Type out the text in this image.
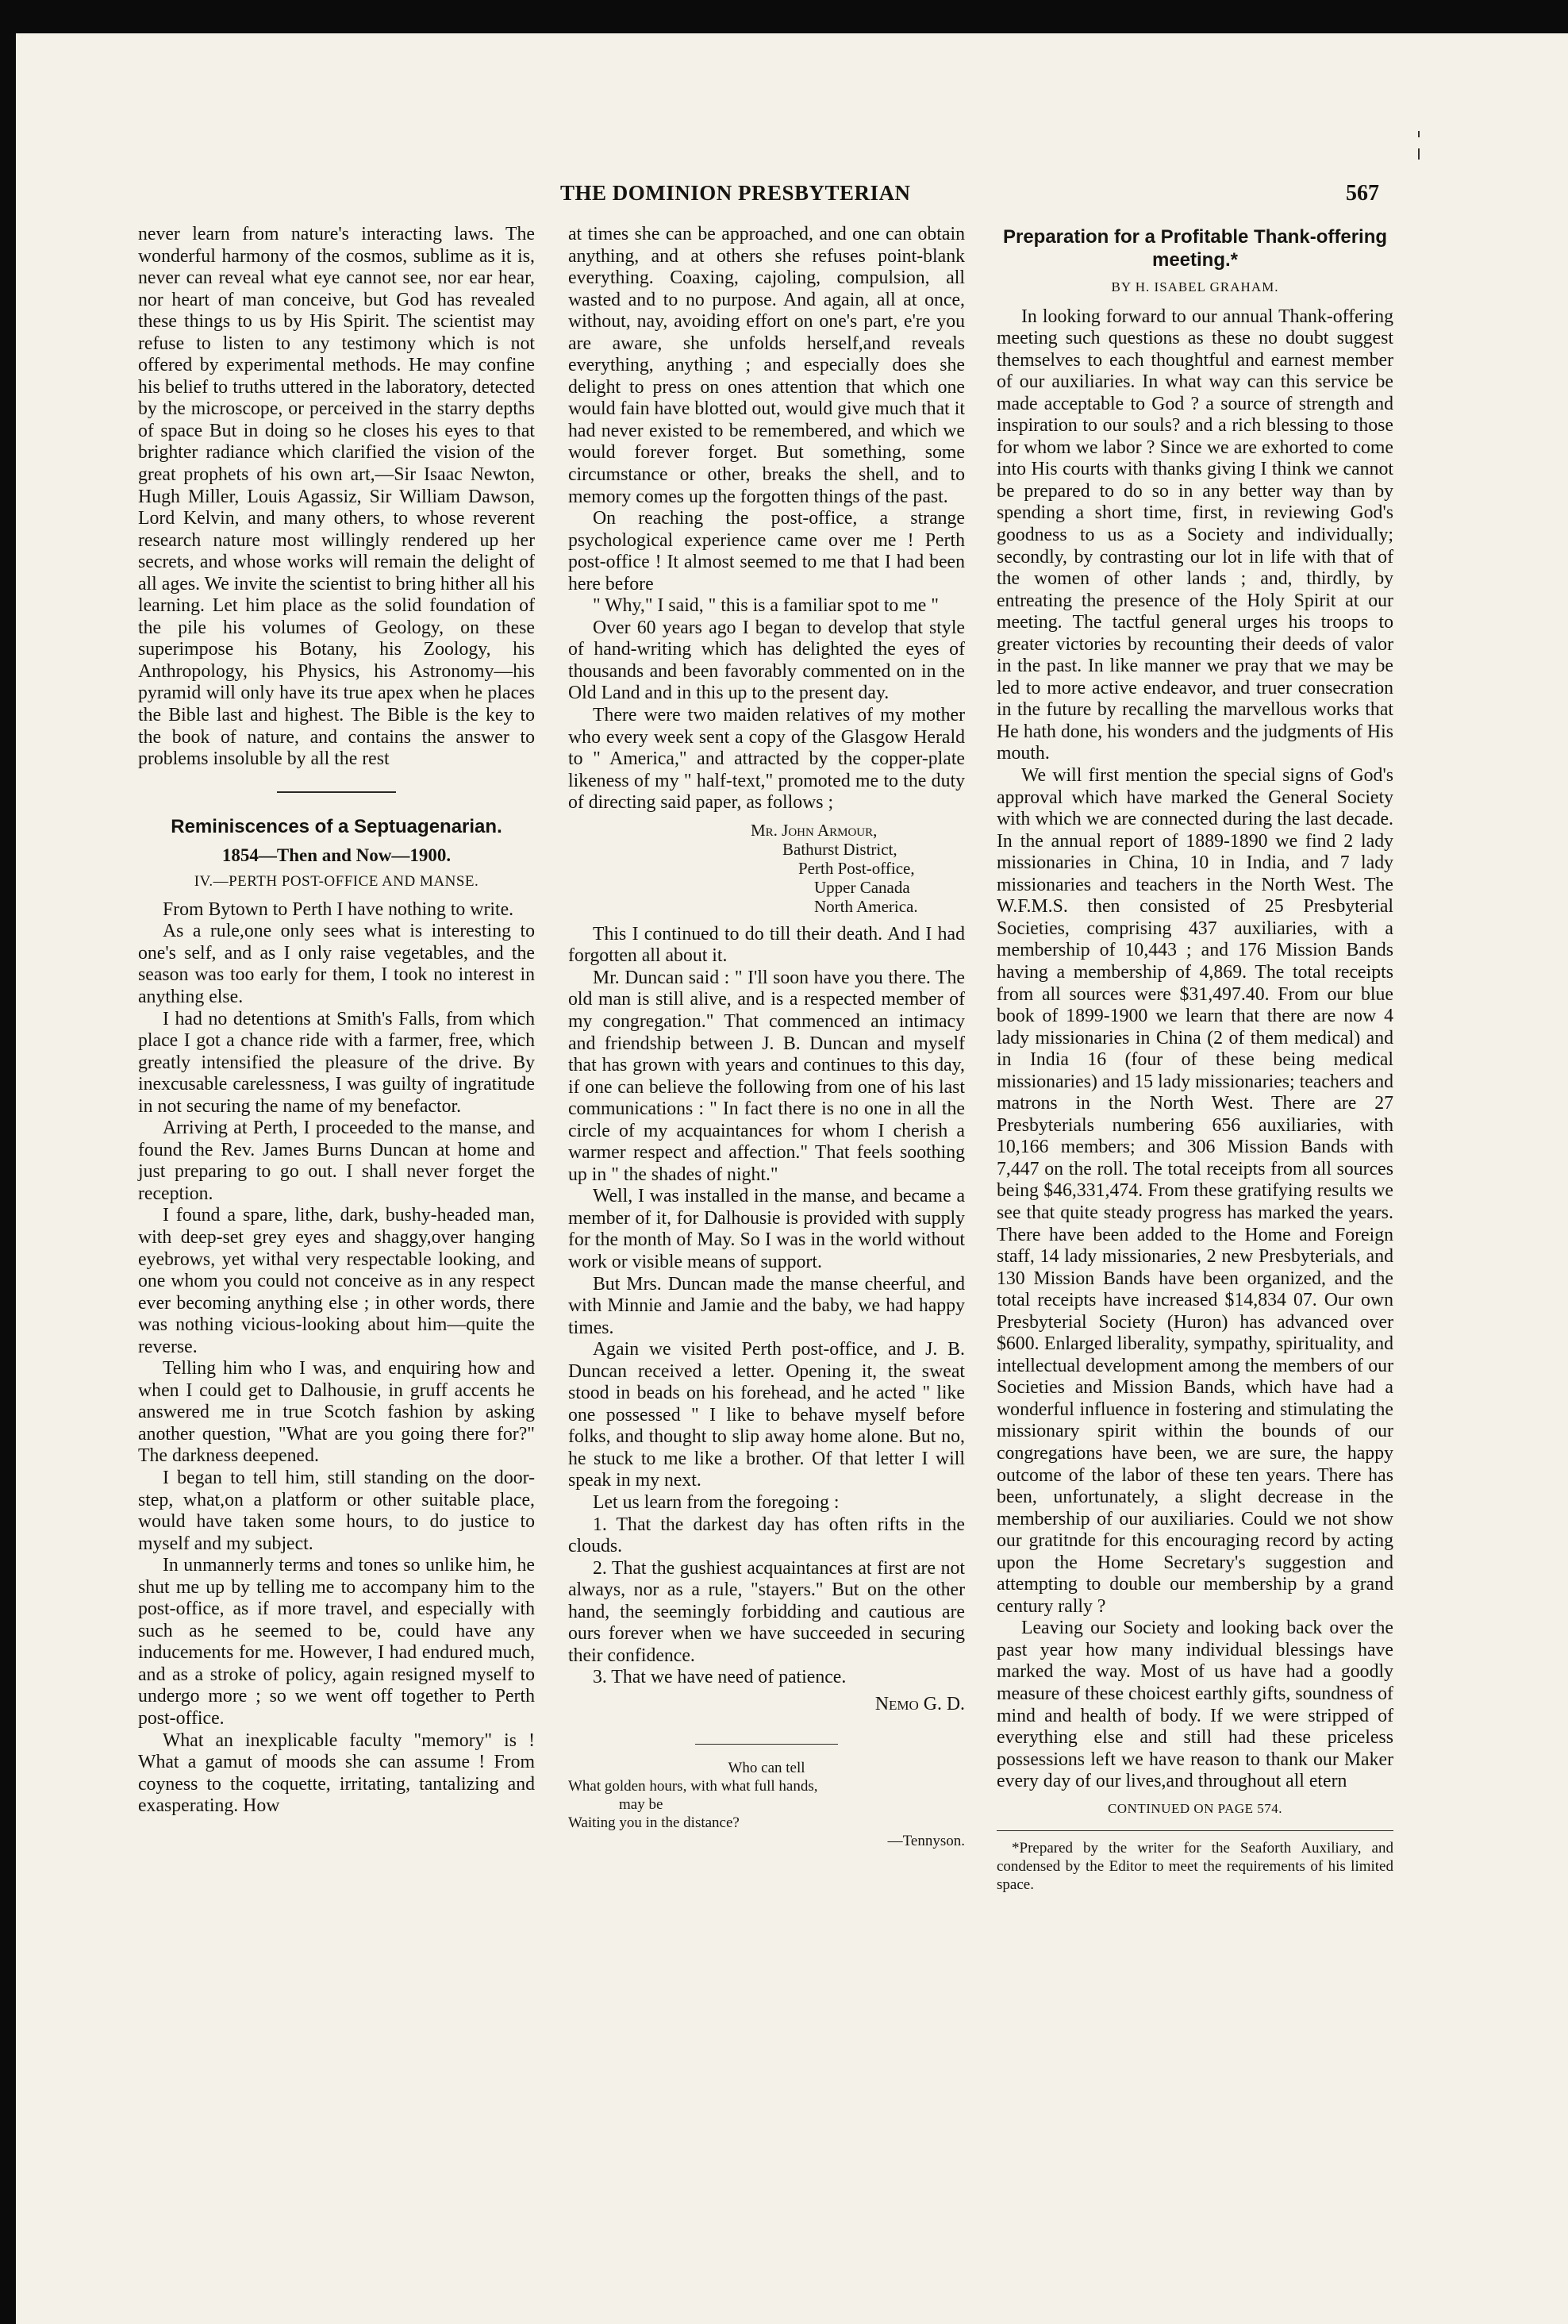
THE DOMINION PRESBYTERIAN	567

never learn from nature's interacting laws. The wonderful harmony of the cosmos, sublime as it is, never can reveal what eye cannot see, nor ear hear, nor heart of man conceive, but God has revealed these things to us by His Spirit. The scientist may refuse to listen to any testimony which is not offered by experimental methods. He may confine his belief to truths uttered in the laboratory, detected by the microscope, or perceived in the starry depths of space But in doing so he closes his eyes to that brighter radiance which clarified the vision of the great prophets of his own art,—Sir Isaac Newton, Hugh Miller, Louis Agassiz, Sir William Dawson, Lord Kelvin, and many others, to whose reverent research nature most willingly rendered up her secrets, and whose works will remain the delight of all ages. We invite the scientist to bring hither all his learning. Let him place as the solid foundation of the pile his volumes of Geology, on these superimpose his Botany, his Zoology, his Anthropology, his Physics, his Astronomy—his pyramid will only have its true apex when he places the Bible last and highest. The Bible is the key to the book of nature, and contains the answer to problems insoluble by all the rest

Reminiscences of a Septuagenarian.
1854—Then and Now—1900.
IV.—PERTH POST-OFFICE AND MANSE.

From Bytown to Perth I have nothing to write.

As a rule,one only sees what is interesting to one's self, and as I only raise vegetables, and the season was too early for them, I took no interest in anything else.

I had no detentions at Smith's Falls, from which place I got a chance ride with a farmer, free, which greatly intensified the pleasure of the drive. By inexcusable carelessness, I was guilty of ingratitude in not securing the name of my benefactor.

Arriving at Perth, I proceeded to the manse, and found the Rev. James Burns Duncan at home and just preparing to go out. I shall never forget the reception.

I found a spare, lithe, dark, bushy-headed man, with deep-set grey eyes and shaggy,over hanging eyebrows, yet withal very respectable looking, and one whom you could not conceive as in any respect ever becoming anything else ; in other words, there was nothing vicious-looking about him—quite the reverse.

Telling him who I was, and enquiring how and when I could get to Dalhousie, in gruff accents he answered me in true Scotch fashion by asking another question, "What are you going there for?" The darkness deepened.

I began to tell him, still standing on the door-step, what,on a platform or other suitable place, would have taken some hours, to do justice to myself and my subject.

In unmannerly terms and tones so unlike him, he shut me up by telling me to accompany him to the post-office, as if more travel, and especially with such as he seemed to be, could have any inducements for me. However, I had endured much, and as a stroke of policy, again resigned myself to undergo more ; so we went off together to Perth post-office.

What an inexplicable faculty "memory" is ! What a gamut of moods she can assume ! From coyness to the coquette, irritating, tantalizing and exasperating. How

at times she can be approached, and one can obtain anything, and at others she refuses point-blank everything. Coaxing, cajoling, compulsion, all wasted and to no purpose. And again, all at once, without, nay, avoiding effort on one's part, e're you are aware, she unfolds herself,and reveals everything, anything ; and especially does she delight to press on ones attention that which one would fain have blotted out, would give much that it had never existed to be remembered, and which we would forever forget. But something, some circumstance or other, breaks the shell, and to memory comes up the forgotten things of the past.

On reaching the post-office, a strange psychological experience came over me ! Perth post-office ! It almost seemed to me that I had been here before

" Why," I said, " this is a familiar spot to me "

Over 60 years ago I began to develop that style of hand-writing which has delighted the eyes of thousands and been favorably commented on in the Old Land and in this up to the present day.

There were two maiden relatives of my mother who every week sent a copy of the Glasgow Herald to " America," and attracted by the copper-plate likeness of my " half-text," promoted me to the duty of directing said paper, as follows ;

Mr. John Armour,
Bathurst District,
Perth Post-office,
Upper Canada
North America.

This I continued to do till their death. And I had forgotten all about it.

Mr. Duncan said : " I'll soon have you there. The old man is still alive, and is a respected member of my congregation." That commenced an intimacy and friendship between J. B. Duncan and myself that has grown with years and continues to this day, if one can believe the following from one of his last communications : " In fact there is no one in all the circle of my acquaintances for whom I cherish a warmer respect and affection." That feels soothing up in " the shades of night."

Well, I was installed in the manse, and became a member of it, for Dalhousie is provided with supply for the month of May. So I was in the world without work or visible means of support.

But Mrs. Duncan made the manse cheerful, and with Minnie and Jamie and the baby, we had happy times.

Again we visited Perth post-office, and J. B. Duncan received a letter. Opening it, the sweat stood in beads on his forehead, and he acted " like one possessed " I like to behave myself before folks, and thought to slip away home alone. But no, he stuck to me like a brother. Of that letter I will speak in my next.

Let us learn from the foregoing :

1. That the darkest day has often rifts in the clouds.

2. That the gushiest acquaintances at first are not always, nor as a rule, "stayers." But on the other hand, the seemingly forbidding and cautious are ours forever when we have succeeded in securing their confidence.

3. That we have need of patience.

Nemo G. D.
Who can tell
What golden hours, with what full hands,
may be
Waiting you in the distance?
—Tennyson.
Preparation for a Profitable Thank-offering meeting.*
BY H. ISABEL GRAHAM.

In looking forward to our annual Thank-offering meeting such questions as these no doubt suggest themselves to each thoughtful and earnest member of our auxiliaries. In what way can this service be made acceptable to God ? a source of strength and inspiration to our souls? and a rich blessing to those for whom we labor ? Since we are exhorted to come into His courts with thanks giving I think we cannot be prepared to do so in any better way than by spending a short time, first, in reviewing God's goodness to us as a Society and individually; secondly, by contrasting our lot in life with that of the women of other lands ; and, thirdly, by entreating the presence of the Holy Spirit at our meeting. The tactful general urges his troops to greater victories by recounting their deeds of valor in the past. In like manner we pray that we may be led to more active endeavor, and truer consecration in the future by recalling the marvellous works that He hath done, his wonders and the judgments of His mouth.

We will first mention the special signs of God's approval which have marked the General Society with which we are connected during the last decade. In the annual report of 1889-1890 we find 2 lady missionaries in China, 10 in India, and 7 lady missionaries and teachers in the North West. The W.F.M.S. then consisted of 25 Presbyterial Societies, comprising 437 auxiliaries, with a membership of 10,443 ; and 176 Mission Bands having a membership of 4,869. The total receipts from all sources were $31,497.40. From our blue book of 1899-1900 we learn that there are now 4 lady missionaries in China (2 of them medical) and in India 16 (four of these being medical missionaries) and 15 lady missionaries; teachers and matrons in the North West. There are 27 Presbyterials numbering 656 auxiliaries, with 10,166 members; and 306 Mission Bands with 7,447 on the roll. The total receipts from all sources being $46,331,474. From these gratifying results we see that quite steady progress has marked the years. There have been added to the Home and Foreign staff, 14 lady missionaries, 2 new Presbyterials, and 130 Mission Bands have been organized, and the total receipts have increased $14,834 07. Our own Presbyterial Society (Huron) has advanced over $600. Enlarged liberality, sympathy, spirituality, and intellectual development among the members of our Societies and Mission Bands, which have had a wonderful influence in fostering and stimulating the missionary spirit within the bounds of our congregations have been, we are sure, the happy outcome of the labor of these ten years. There has been, unfortunately, a slight decrease in the membership of our auxiliaries. Could we not show our gratitnde for this encouraging record by acting upon the Home Secretary's suggestion and attempting to double our membership by a grand century rally ?

Leaving our Society and looking back over the past year how many individual blessings have marked the way. Most of us have had a goodly measure of these choicest earthly gifts, soundness of mind and health of body. If we were stripped of everything else and still had these priceless possessions left we have reason to thank our Maker every day of our lives,and throughout all etern

CONTINUED ON PAGE 574.
*Prepared by the writer for the Seaforth Auxiliary, and condensed by the Editor to meet the requirements of his limited space.
